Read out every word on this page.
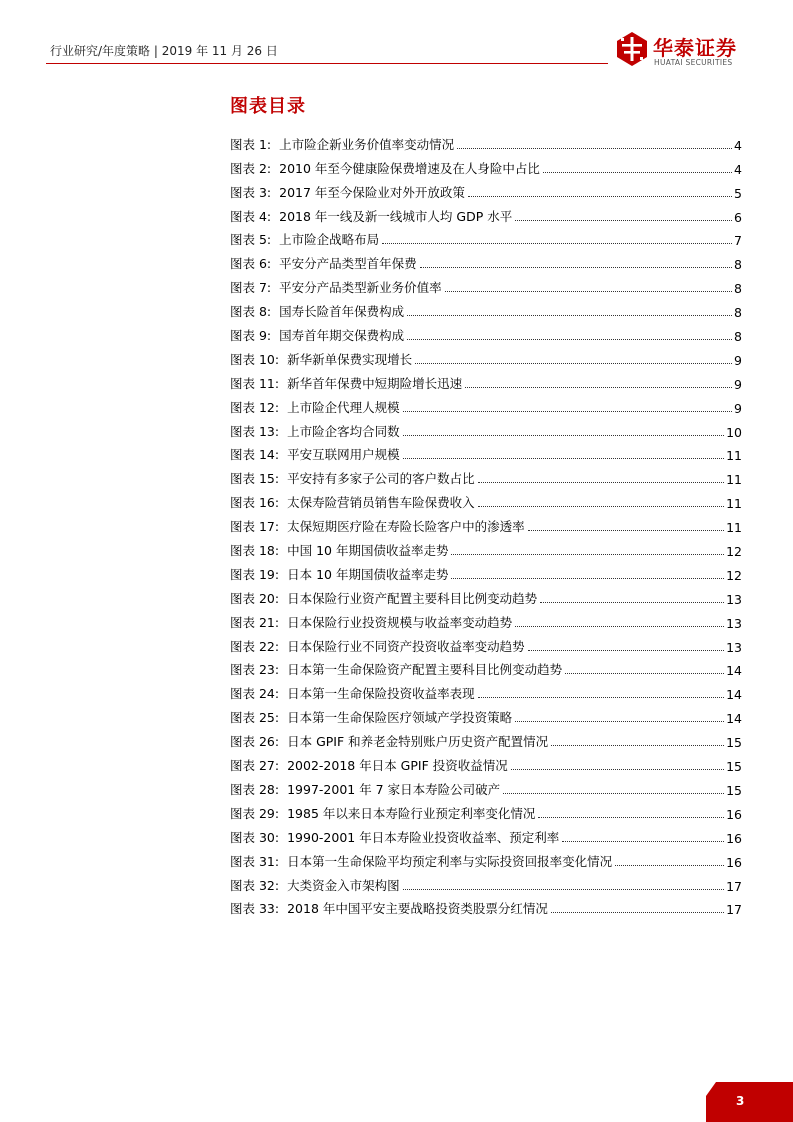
行业研究/年度策略 | 2019 年 11 月 26 日	华泰证券
HUATAI SECURITIES
图表目录
图表 1: 上市险企新业务价值率变动情况	4
图表 2: 2010 年至今健康险保费增速及在人身险中占比	4
图表 3: 2017 年至今保险业对外开放政策	5
图表 4: 2018 年一线及新一线城市人均 GDP 水平	6
图表 5: 上市险企战略布局	7
图表 6: 平安分产品类型首年保费	8
图表 7: 平安分产品类型新业务价值率	8
图表 8: 国寿长险首年保费构成	8
图表 9: 国寿首年期交保费构成	8
图表 10: 新华新单保费实现增长	9
图表 11: 新华首年保费中短期险增长迅速	9
图表 12: 上市险企代理人规模	9
图表 13: 上市险企客均合同数	10
图表 14: 平安互联网用户规模	11
图表 15: 平安持有多家子公司的客户数占比	11
图表 16: 太保寿险营销员销售车险保费收入	11
图表 17: 太保短期医疗险在寿险长险客户中的渗透率	11
图表 18: 中国 10 年期国债收益率走势	12
图表 19: 日本 10 年期国债收益率走势	12
图表 20: 日本保险行业资产配置主要科目比例变动趋势	13
图表 21: 日本保险行业投资规模与收益率变动趋势	13
图表 22: 日本保险行业不同资产投资收益率变动趋势	13
图表 23: 日本第一生命保险资产配置主要科目比例变动趋势	14
图表 24: 日本第一生命保险投资收益率表现	14
图表 25: 日本第一生命保险医疗领域产学投资策略	14
图表 26: 日本 GPIF 和养老金特别账户历史资产配置情况	15
图表 27: 2002-2018 年日本 GPIF 投资收益情况	15
图表 28: 1997-2001 年 7 家日本寿险公司破产	15
图表 29: 1985 年以来日本寿险行业预定利率变化情况	16
图表 30: 1990-2001 年日本寿险业投资收益率、预定利率	16
图表 31: 日本第一生命保险平均预定利率与实际投资回报率变化情况	16
图表 32: 大类资金入市架构图	17
图表 33: 2018 年中国平安主要战略投资类股票分红情况	17
3
